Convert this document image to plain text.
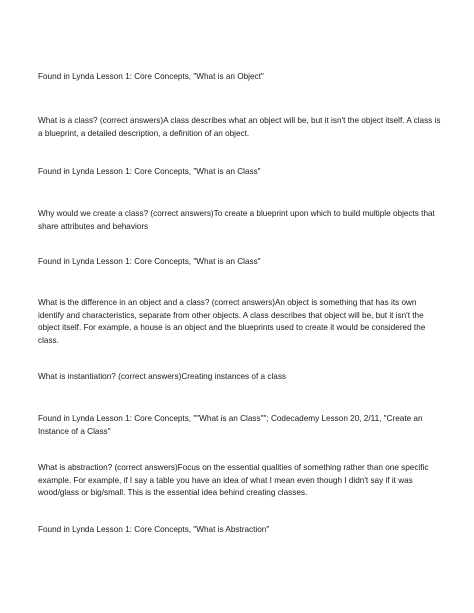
Found in Lynda Lesson 1: Core Concepts, "What is an Object"

What is a class? (correct answers)A class describes what an object will be, but it isn't the object itself. A class is a blueprint, a detailed description, a definition of an object.

Found in Lynda Lesson 1: Core Concepts, "What is an Class"

Why would we create a class? (correct answers)To create a blueprint upon which to build multiple objects that share attributes and behaviors

Found in Lynda Lesson 1: Core Concepts, "What is an Class"

What is the difference in an object and a class? (correct answers)An object is something that has its own identify and characteristics, separate from other objects. A class describes that object will be, but it isn't the object itself. For example, a house is an object and the blueprints used to create it would be considered the class.

What is instantiation? (correct answers)Creating instances of a class

Found in Lynda Lesson 1: Core Concepts, ""What is an Class""; Codecademy Lesson 20, 2/11, "Create an Instance of a Class"

What is abstraction? (correct answers)Focus on the essential qualities of something rather than one specific example. For example, if I say a table you have an idea of what I mean even though I didn't say if it was wood/glass or big/small. This is the essential idea behind creating classes.

Found in Lynda Lesson 1: Core Concepts, "What is Abstraction"
